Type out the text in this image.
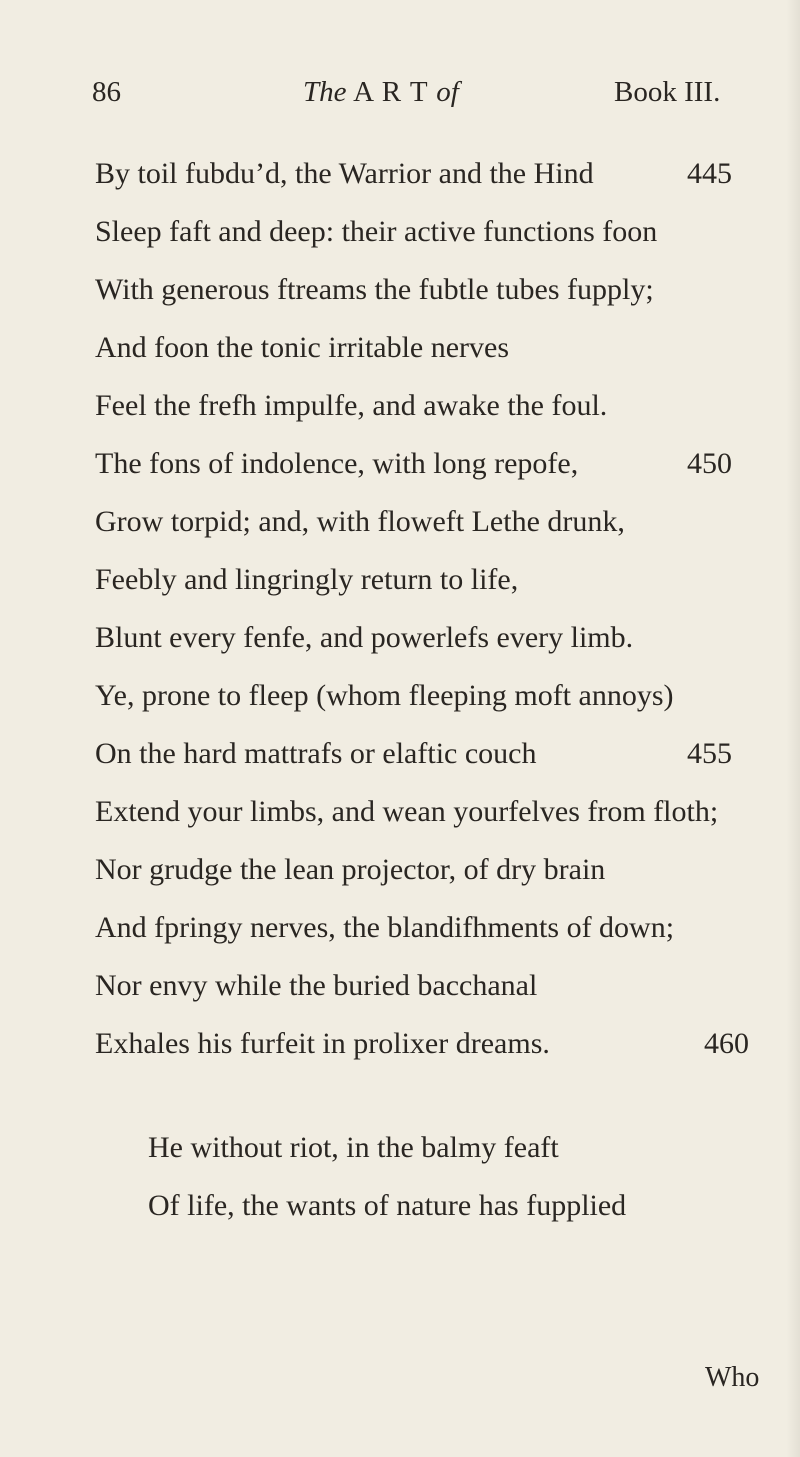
86	The A R T of	Book III.
By toil fubdu’d, the Warrior and the Hind
Sleep faft and deep: their active functions foon
With generous ftreams the fubtle tubes fupply;
And foon the tonic irritable nerves
Feel the frefh impulfe, and awake the foul.
The fons of indolence, with long repofe,
Grow torpid; and, with floweft Lethe drunk,
Feebly and lingringly return to life,
Blunt every fenfe, and powerlefs every limb.
Ye, prone to fleep (whom fleeping moft annoys)
On the hard mattrafs or elaftic couch
Extend your limbs, and wean yourfelves from floth;
Nor grudge the lean projector, of dry brain
And fpringy nerves, the blandifhments of down;
Nor envy while the buried bacchanal
Exhales his furfeit in prolixer dreams.
He without riot, in the balmy feaft
Of life, the wants of nature has fupplied
445
450
455
460
Who
